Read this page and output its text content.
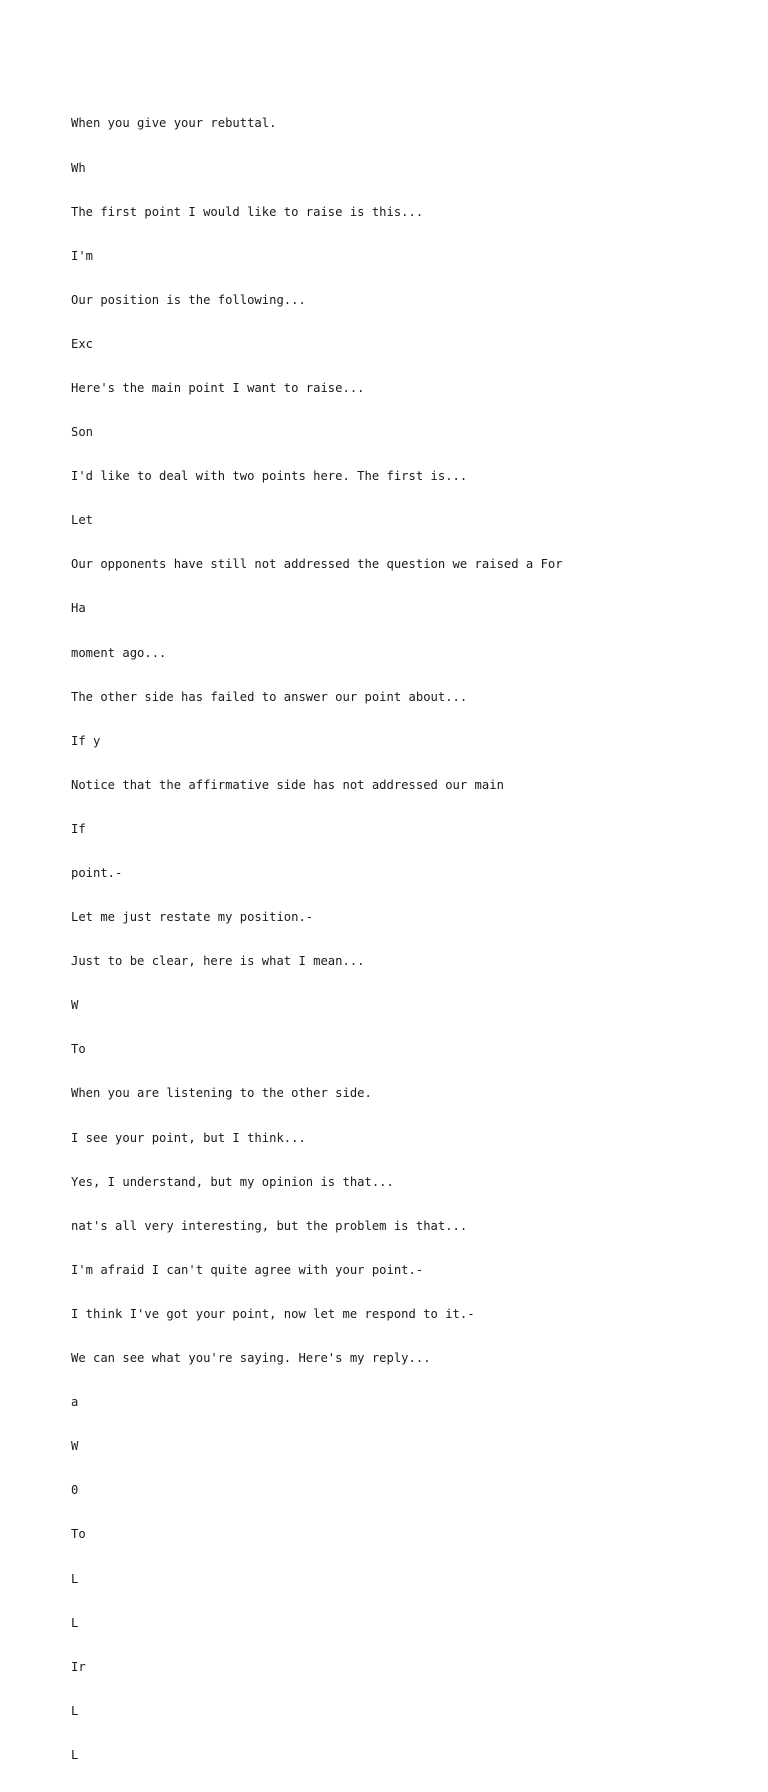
When you give your rebuttal.

Wh

The first point I would like to raise is this...

I'm

Our position is the following...

Exc

Here's the main point I want to raise...

Son

I'd like to deal with two points here. The first is...

Let

Our opponents have still not addressed the question we raised a For

Ha

moment ago...

The other side has failed to answer our point about...

If y

Notice that the affirmative side has not addressed our main

If

point.-

Let me just restate my position.-

Just to be clear, here is what I mean...

W

To

When you are listening to the other side.

I see your point, but I think...

Yes, I understand, but my opinion is that...

nat's all very interesting, but the problem is that...

I'm afraid I can't quite agree with your point.-

I think I've got your point, now let me respond to it.-

We can see what you're saying. Here's my reply...

a

W

0

To

L

L

Ir

L

L
